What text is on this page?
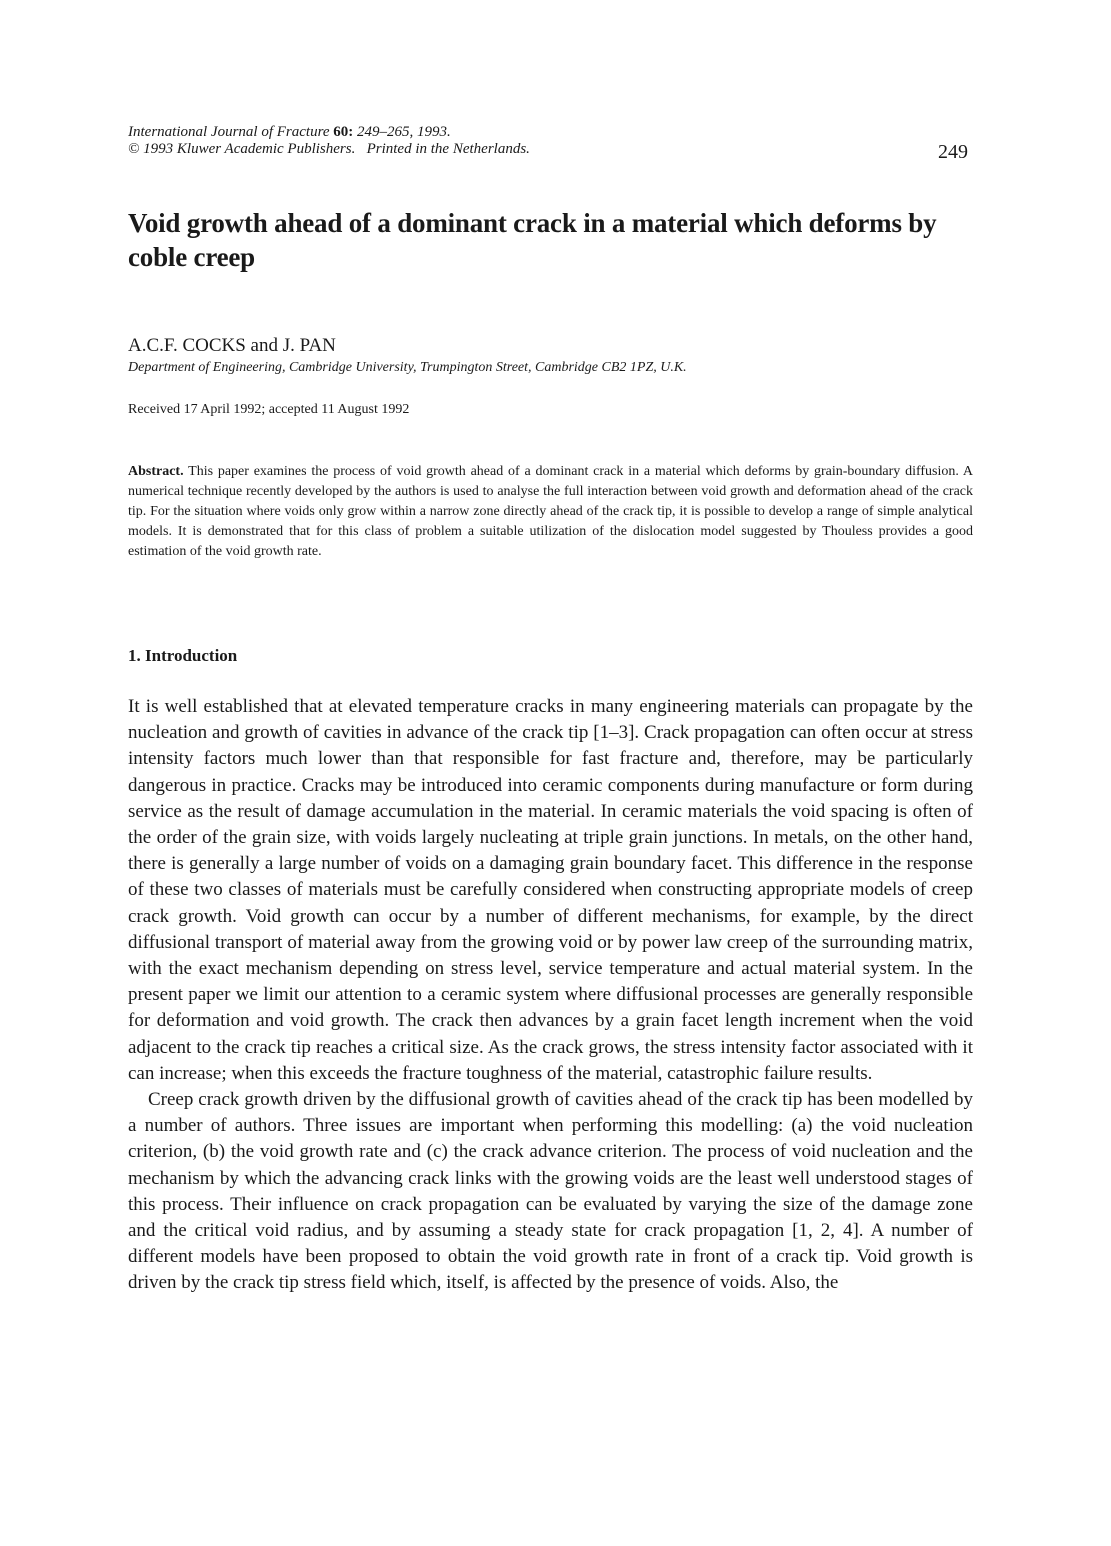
International Journal of Fracture 60: 249–265, 1993.
© 1993 Kluwer Academic Publishers.   Printed in the Netherlands.	249
Void growth ahead of a dominant crack in a material which deforms by coble creep
A.C.F. COCKS and J. PAN
Department of Engineering, Cambridge University, Trumpington Street, Cambridge CB2 1PZ, U.K.
Received 17 April 1992; accepted 11 August 1992
Abstract. This paper examines the process of void growth ahead of a dominant crack in a material which deforms by grain-boundary diffusion. A numerical technique recently developed by the authors is used to analyse the full interaction between void growth and deformation ahead of the crack tip. For the situation where voids only grow within a narrow zone directly ahead of the crack tip, it is possible to develop a range of simple analytical models. It is demonstrated that for this class of problem a suitable utilization of the dislocation model suggested by Thouless provides a good estimation of the void growth rate.
1. Introduction

It is well established that at elevated temperature cracks in many engineering materials can propagate by the nucleation and growth of cavities in advance of the crack tip [1–3]. Crack propagation can often occur at stress intensity factors much lower than that responsible for fast fracture and, therefore, may be particularly dangerous in practice. Cracks may be introduced into ceramic components during manufacture or form during service as the result of damage accumulation in the material. In ceramic materials the void spacing is often of the order of the grain size, with voids largely nucleating at triple grain junctions. In metals, on the other hand, there is generally a large number of voids on a damaging grain boundary facet. This difference in the response of these two classes of materials must be carefully considered when constructing appropriate models of creep crack growth. Void growth can occur by a number of different mechanisms, for example, by the direct diffusional transport of material away from the growing void or by power law creep of the surrounding matrix, with the exact mechanism depending on stress level, service temperature and actual material system. In the present paper we limit our attention to a ceramic system where diffusional processes are generally responsible for deformation and void growth. The crack then advances by a grain facet length increment when the void adjacent to the crack tip reaches a critical size. As the crack grows, the stress intensity factor associated with it can increase; when this exceeds the fracture toughness of the material, catastrophic failure results.

Creep crack growth driven by the diffusional growth of cavities ahead of the crack tip has been modelled by a number of authors. Three issues are important when performing this modelling: (a) the void nucleation criterion, (b) the void growth rate and (c) the crack advance criterion. The process of void nucleation and the mechanism by which the advancing crack links with the growing voids are the least well understood stages of this process. Their influence on crack propagation can be evaluated by varying the size of the damage zone and the critical void radius, and by assuming a steady state for crack propagation [1, 2, 4]. A number of different models have been proposed to obtain the void growth rate in front of a crack tip. Void growth is driven by the crack tip stress field which, itself, is affected by the presence of voids. Also, the
